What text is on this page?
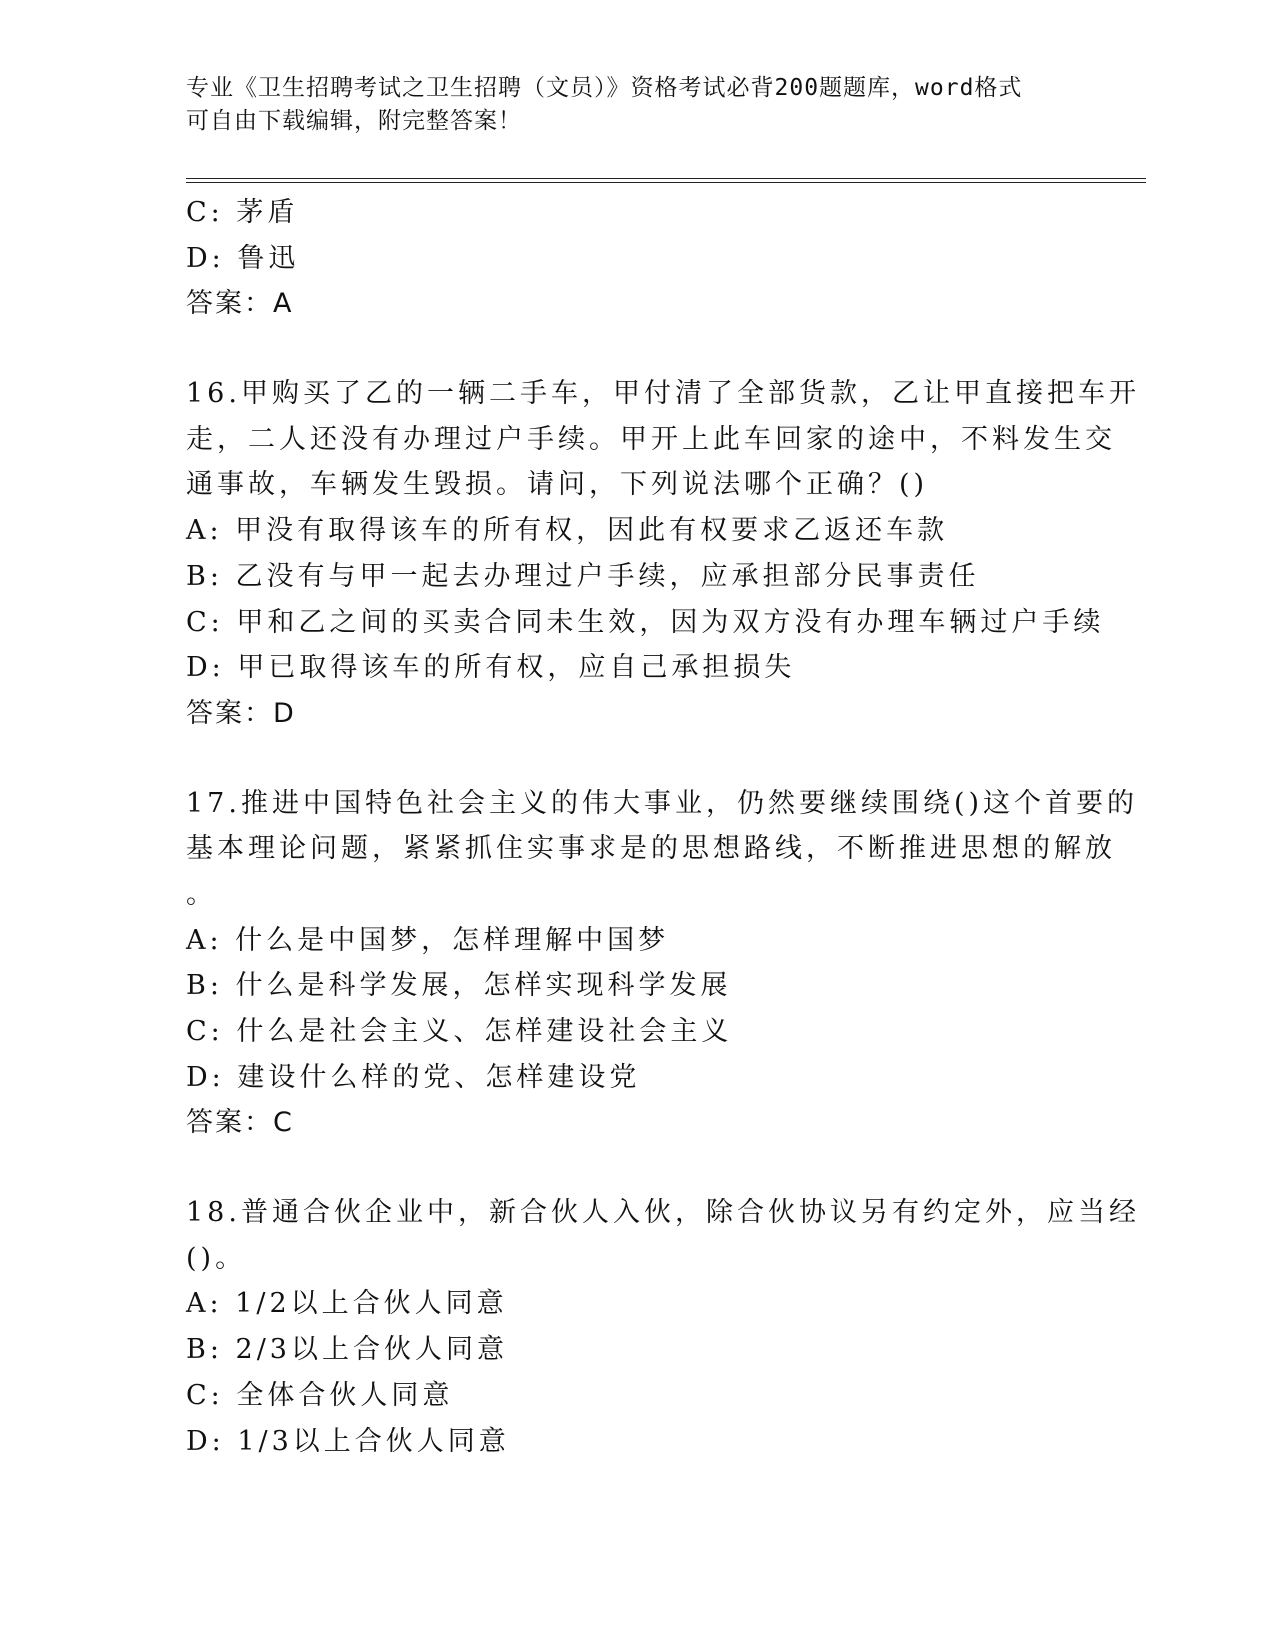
专业《卫生招聘考试之卫生招聘（文员）》资格考试必背200题题库，word格式
可自由下载编辑，附完整答案！
C: 茅盾
D: 鲁迅
答案：A
16.甲购买了乙的一辆二手车，甲付清了全部货款，乙让甲直接把车开
走，二人还没有办理过户手续。甲开上此车回家的途中，不料发生交
通事故，车辆发生毁损。请问，下列说法哪个正确？()
A: 甲没有取得该车的所有权，因此有权要求乙返还车款
B: 乙没有与甲一起去办理过户手续，应承担部分民事责任
C: 甲和乙之间的买卖合同未生效，因为双方没有办理车辆过户手续
D: 甲已取得该车的所有权，应自己承担损失
答案：D
17.推进中国特色社会主义的伟大事业，仍然要继续围绕()这个首要的
基本理论问题，紧紧抓住实事求是的思想路线，不断推进思想的解放
。
A: 什么是中国梦，怎样理解中国梦
B: 什么是科学发展，怎样实现科学发展
C: 什么是社会主义、怎样建设社会主义
D: 建设什么样的党、怎样建设党
答案：C
18.普通合伙企业中，新合伙人入伙，除合伙协议另有约定外，应当经
()。
A: 1/2以上合伙人同意
B: 2/3以上合伙人同意
C: 全体合伙人同意
D: 1/3以上合伙人同意
